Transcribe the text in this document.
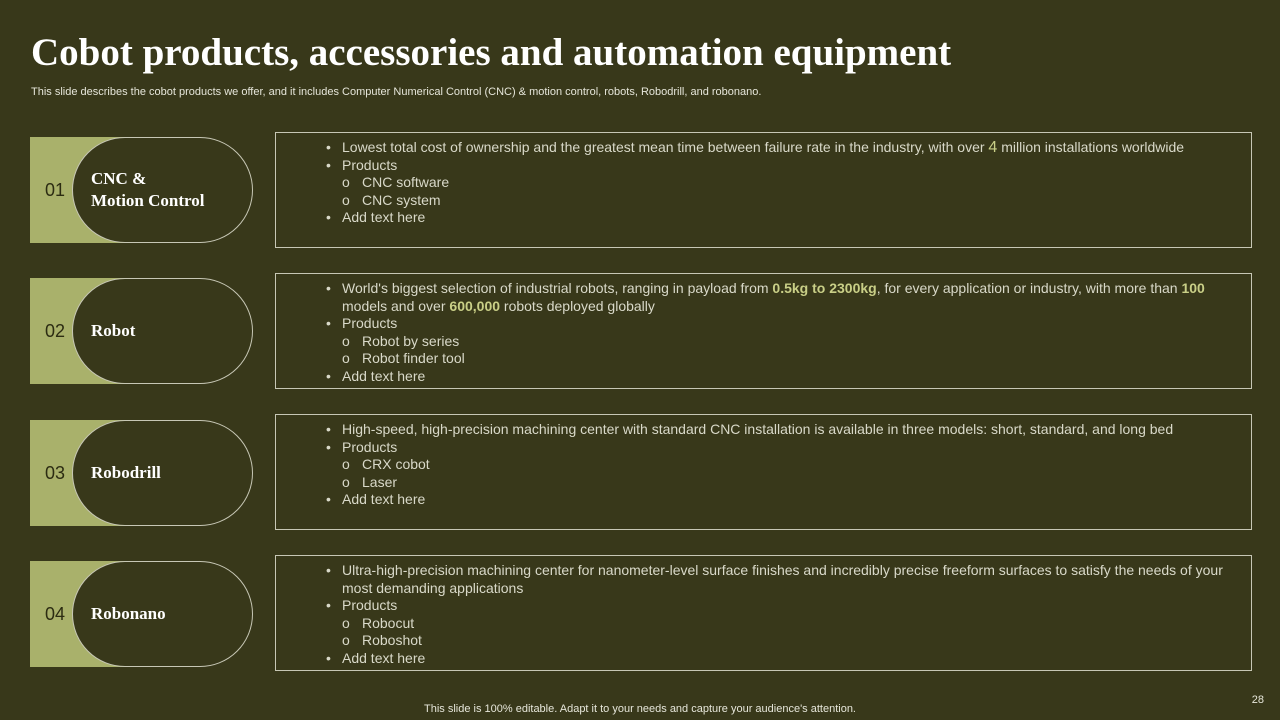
Cobot products, accessories and automation equipment
This slide describes the cobot products we offer, and it includes Computer Numerical Control (CNC) & motion control, robots, Robodrill, and robonano.
01
CNC &
Motion Control
• Lowest total cost of ownership and the greatest mean time between failure rate in the industry, with over 4 million installations worldwide
• Products
o CNC software
o CNC system
• Add text here
02 Robot
• World's biggest selection of industrial robots, ranging in payload from 0.5kg to 2300kg, for every application or industry, with more than 100 models and over 600,000 robots deployed globally
• Products
o Robot by series
o Robot finder tool
• Add text here
03 Robodrill
• High-speed, high-precision machining center with standard CNC installation is available in three models: short, standard, and long bed
• Products
o CRX cobot
o Laser
• Add text here
04 Robonano
• Ultra-high-precision machining center for nanometer-level surface finishes and incredibly precise freeform surfaces to satisfy the needs of your most demanding applications
• Products
o Robocut
o Roboshot
• Add text here
This slide is 100% editable. Adapt it to your needs and capture your audience's attention.
28
